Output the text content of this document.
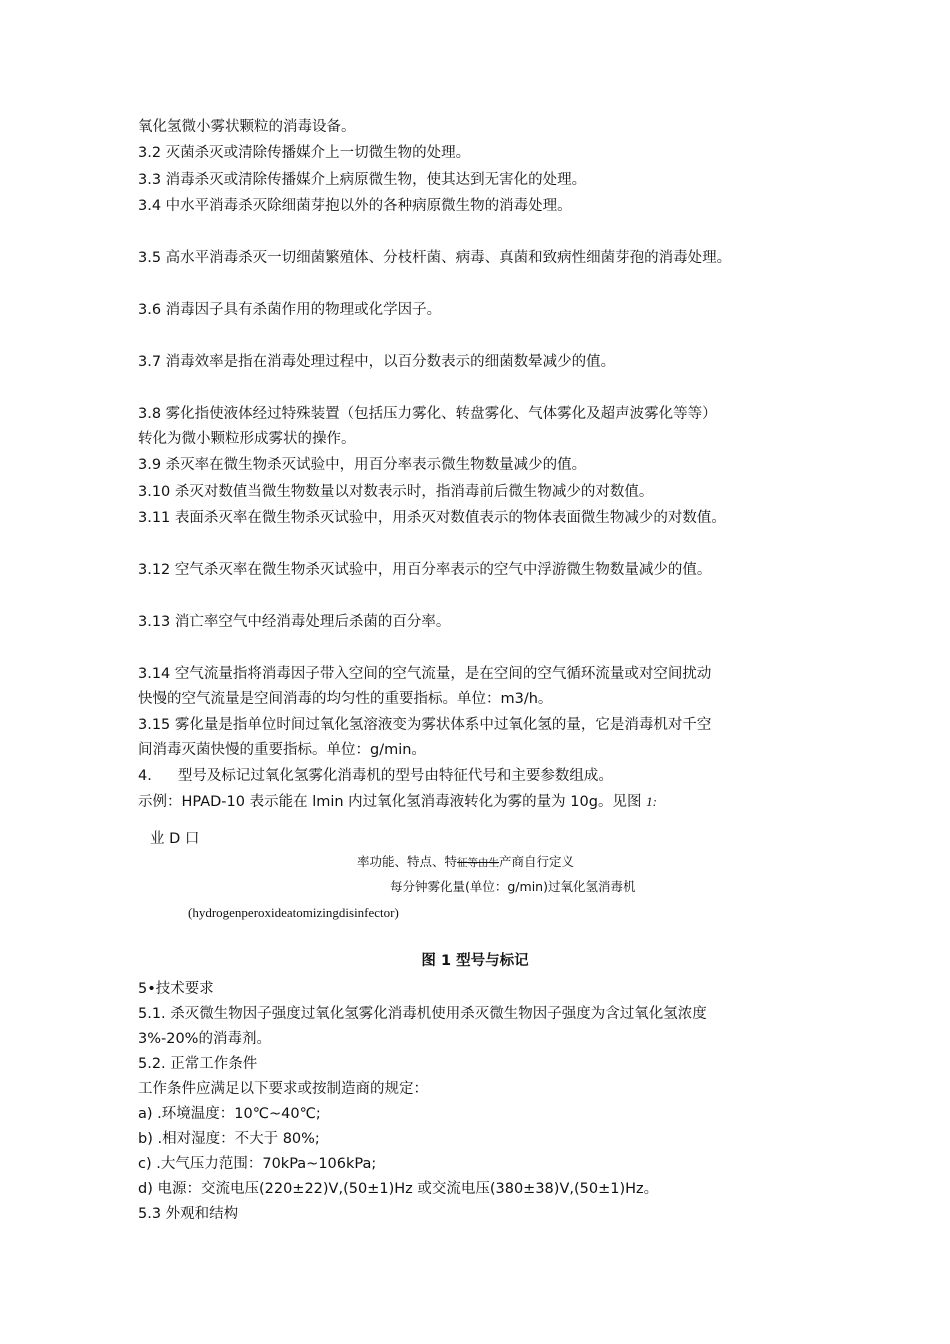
氧化氢微小雾状颗粒的消毒设备。
3.2 灭菌杀灭或清除传播媒介上一切微生物的处理。
3.3 消毒杀灭或清除传播媒介上病原微生物，使其达到无害化的处理。
3.4 中水平消毒杀灭除细菌芽抱以外的各种病原微生物的消毒处理。
3.5 高水平消毒杀灭一切细菌繁殖体、分枝杆菌、病毒、真菌和致病性细菌芽孢的消毒处理。
3.6 消毒因子具有杀菌作用的物理或化学因子。
3.7 消毒效率是指在消毒处理过程中，以百分数表示的细菌数晕减少的值。
3.8 雾化指使液体经过特殊装置（包括压力雾化、转盘雾化、气体雾化及超声波雾化等等）
转化为微小颗粒形成雾状的操作。
3.9 杀灭率在微生物杀灭试验中，用百分率表示微生物数量减少的值。
3.10 杀灭对数值当微生物数量以对数表示时，指消毒前后微生物减少的对数值。
3.11 表面杀灭率在微生物杀灭试验中，用杀灭对数值表示的物体表面微生物减少的对数值。
3.12 空气杀灭率在微生物杀灭试验中，用百分率表示的空气中浮游微生物数量减少的值。
3.13 消亡率空气中经消毒处理后杀菌的百分率。
3.14 空气流量指将消毒因子带入空间的空气流量，是在空间的空气循环流量或对空间扰动
快慢的空气流量是空间消毒的均匀性的重要指标。单位：m3/h。
3.15 雾化量是指单位时间过氧化氢溶液变为雾状体系中过氧化氢的量，它是消毒机对千空
间消毒灭菌快慢的重要指标。单位：g/min。
4. 型号及标记过氧化氢雾化消毒机的型号由特征代号和主要参数组成。
示例：HPAD-10 表示能在 lmin 内过氧化氢消毒液转化为雾的量为 10g。见图 1:
业 D 口
率功能、特点、特征等由生产商自行定义
每分钟雾化量(单位：g/min)过氧化氢消毒机
(hydrogenperoxideatomizingdisinfector)
图 1 型号与标记
5•技术要求
5.1. 杀灭微生物因子强度过氧化氢雾化消毒机使用杀灭微生物因子强度为含过氧化氢浓度
3%-20%的消毒剂。
5.2. 正常工作条件
工作条件应满足以下要求或按制造商的规定：
a) .环境温度：10℃~40℃;
b) .相对湿度：不大于 80%;
c) .大气压力范围：70kPa~106kPa;
d) 电源：交流电压(220±22)V,(50±1)Hz 或交流电压(380±38)V,(50±1)Hz。
5.3 外观和结构
